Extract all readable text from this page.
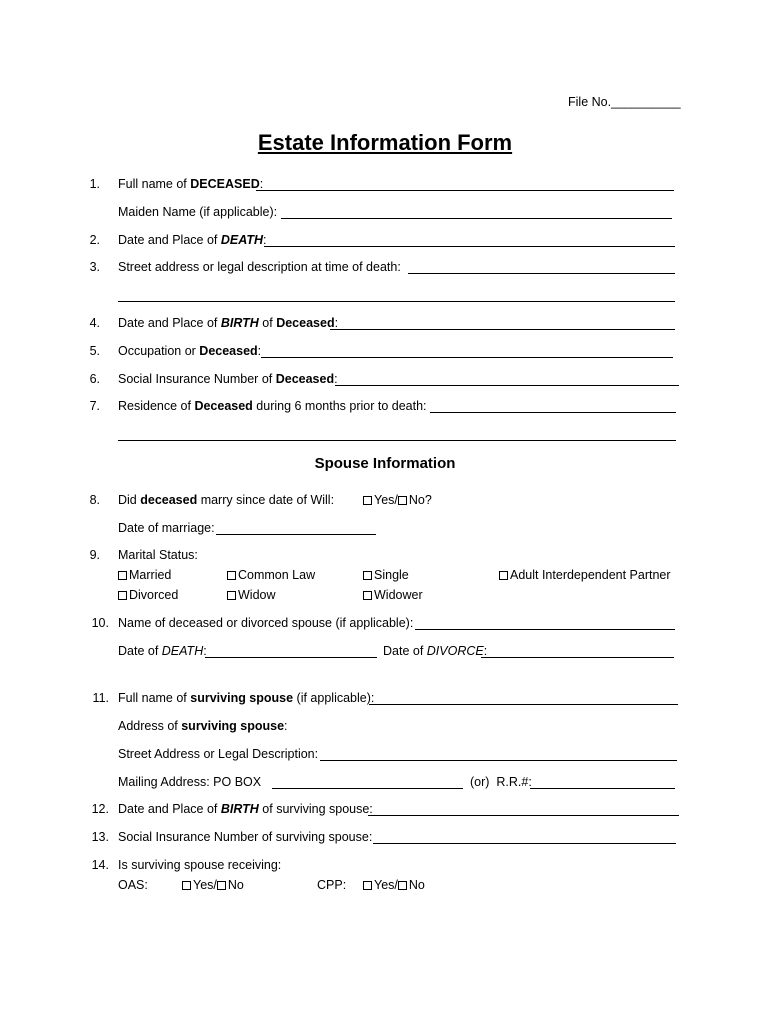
File No.__________
Estate Information Form
1. Full name of DECEASED:
Maiden Name (if applicable):
2. Date and Place of DEATH:
3. Street address or legal description at time of death:
4. Date and Place of BIRTH of Deceased:
5. Occupation or Deceased:
6. Social Insurance Number of Deceased:
7. Residence of Deceased during 6 months prior to death:
Spouse Information
8. Did deceased marry since date of Will:	Yes/ No?
Date of marriage:
9. Marital Status:
Married	Common Law	Single	Adult Interdependent Partner
Divorced	Widow	Widower
10. Name of deceased or divorced spouse (if applicable):
Date of DEATH:	Date of DIVORCE:
11. Full name of surviving spouse (if applicable):
Address of surviving spouse:
Street Address or Legal Description:
Mailing Address: PO BOX	(or)  R.R.#:
12. Date and Place of BIRTH of surviving spouse:
13. Social Insurance Number of surviving spouse:
14. Is surviving spouse receiving:
OAS:	Yes/ No	CPP:	Yes/ No
